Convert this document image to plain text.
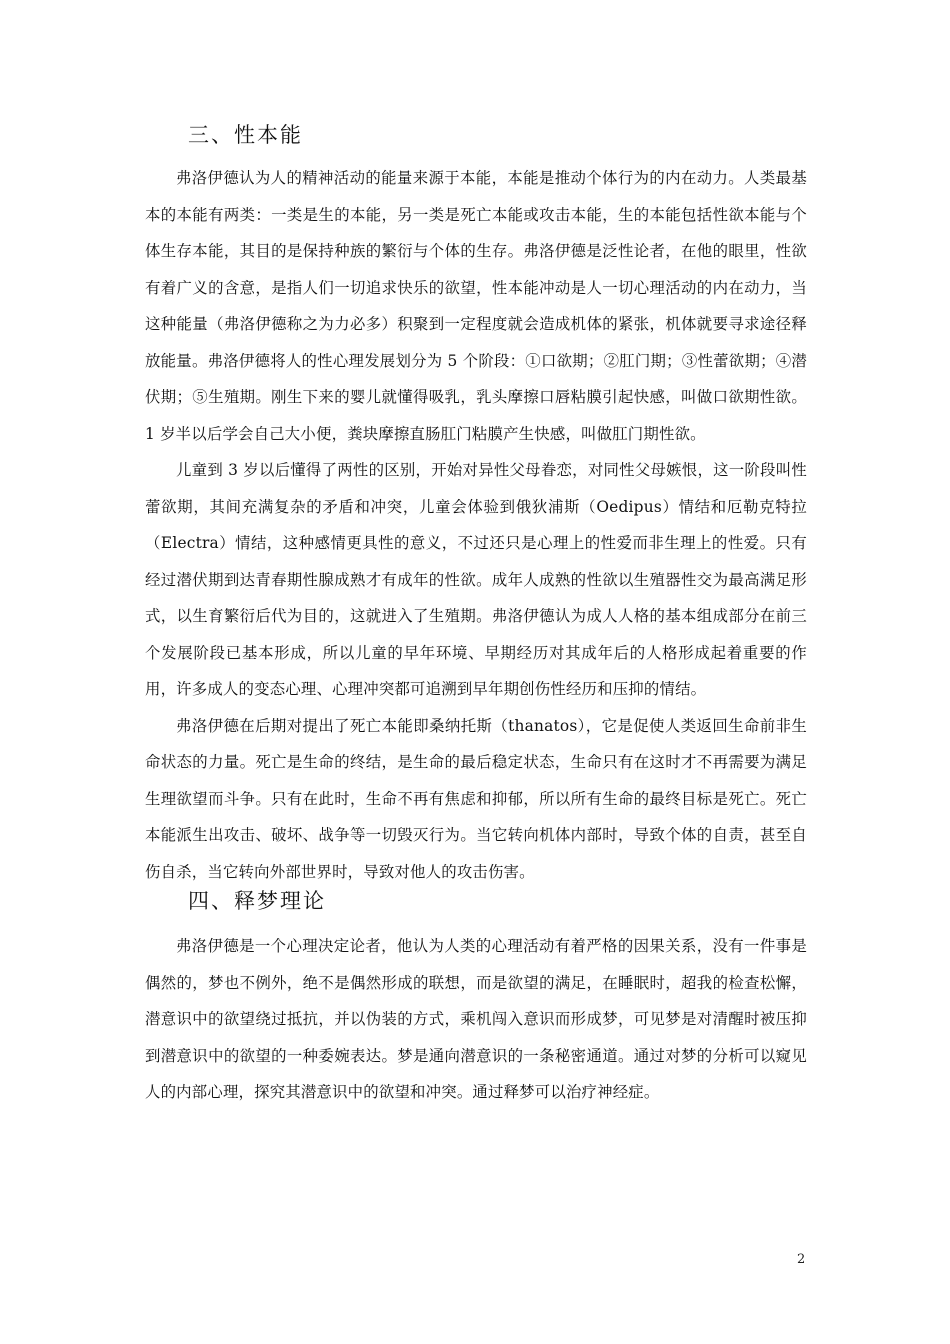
三、性本能

弗洛伊德认为人的精神活动的能量来源于本能，本能是推动个体行为的内在动力。人类最基本的本能有两类：一类是生的本能，另一类是死亡本能或攻击本能，生的本能包括性欲本能与个体生存本能，其目的是保持种族的繁衍与个体的生存。弗洛伊德是泛性论者，在他的眼里，性欲有着广义的含意，是指人们一切追求快乐的欲望，性本能冲动是人一切心理活动的内在动力，当这种能量（弗洛伊德称之为力必多）积聚到一定程度就会造成机体的紧张，机体就要寻求途径释放能量。弗洛伊德将人的性心理发展划分为 5 个阶段：①口欲期；②肛门期；③性蕾欲期；④潜伏期；⑤生殖期。刚生下来的婴儿就懂得吸乳，乳头摩擦口唇粘膜引起快感，叫做口欲期性欲。1 岁半以后学会自己大小便，粪块摩擦直肠肛门粘膜产生快感，叫做肛门期性欲。

儿童到 3 岁以后懂得了两性的区别，开始对异性父母眷恋，对同性父母嫉恨，这一阶段叫性蕾欲期，其间充满复杂的矛盾和冲突，儿童会体验到俄狄浦斯（Oedipus）情结和厄勒克特拉（Electra）情结，这种感情更具性的意义，不过还只是心理上的性爱而非生理上的性爱。只有经过潜伏期到达青春期性腺成熟才有成年的性欲。成年人成熟的性欲以生殖器性交为最高满足形式，以生育繁衍后代为目的，这就进入了生殖期。弗洛伊德认为成人人格的基本组成部分在前三个发展阶段已基本形成，所以儿童的早年环境、早期经历对其成年后的人格形成起着重要的作用，许多成人的变态心理、心理冲突都可追溯到早年期创伤性经历和压抑的情结。

弗洛伊德在后期对提出了死亡本能即桑纳托斯（thanatos），它是促使人类返回生命前非生命状态的力量。死亡是生命的终结，是生命的最后稳定状态，生命只有在这时才不再需要为满足生理欲望而斗争。只有在此时，生命不再有焦虑和抑郁，所以所有生命的最终目标是死亡。死亡本能派生出攻击、破坏、战争等一切毁灭行为。当它转向机体内部时，导致个体的自责，甚至自伤自杀，当它转向外部世界时，导致对他人的攻击伤害。

四、释梦理论

弗洛伊德是一个心理决定论者，他认为人类的心理活动有着严格的因果关系，没有一件事是偶然的，梦也不例外，绝不是偶然形成的联想，而是欲望的满足，在睡眠时，超我的检查松懈，潜意识中的欲望绕过抵抗，并以伪装的方式，乘机闯入意识而形成梦，可见梦是对清醒时被压抑到潜意识中的欲望的一种委婉表达。梦是通向潜意识的一条秘密通道。通过对梦的分析可以窥见人的内部心理，探究其潜意识中的欲望和冲突。通过释梦可以治疗神经症。

2
